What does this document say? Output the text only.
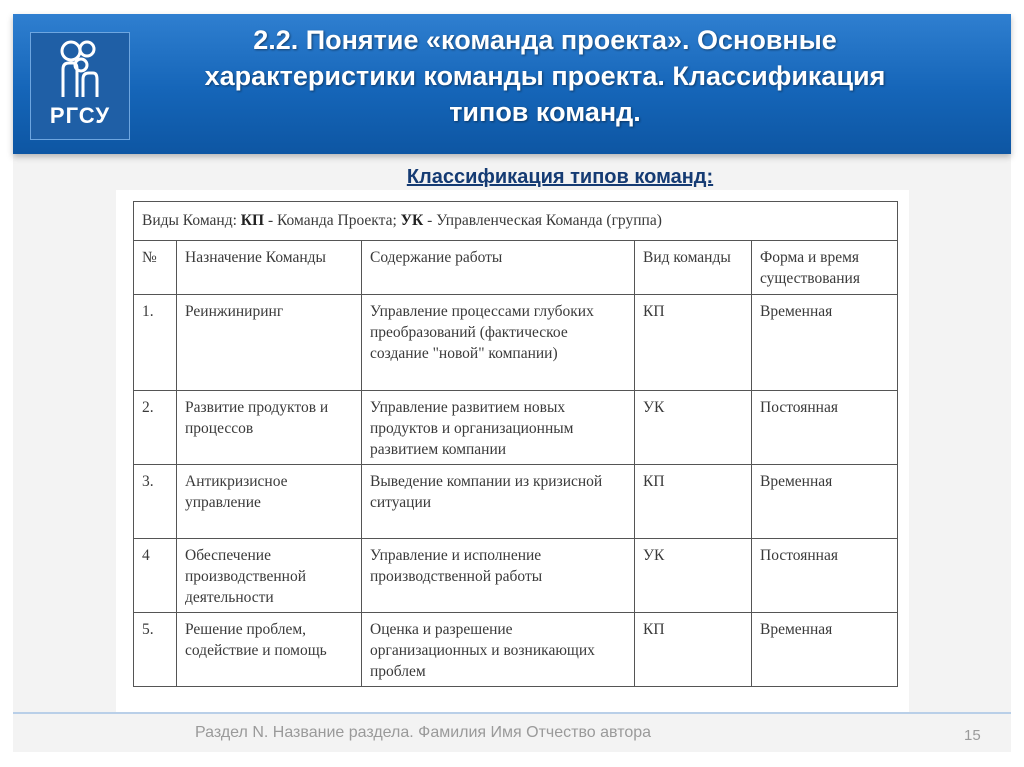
РГСУ
2.2. Понятие «команда проекта». Основные
характеристики команды проекта. Классификация
типов команд.
Классификация типов команд:
Виды Команд: КП - Команда Проекта; УК - Управленческая Команда (группа)				
№	Назначение Команды	Содержание работы	Вид команды	Форма и время существования
1.	Реинжиниринг	Управление процессами глубоких преобразований (фактическое создание "новой" компании)	КП	Временная
2.	Развитие продуктов и процессов	Управление развитием новых продуктов и организационным развитием компании	УК	Постоянная
3.	Антикризисное управление	Выведение компании из кризисной ситуации	КП	Временная
4	Обеспечение производственной деятельности	Управление и исполнение производственной работы	УК	Постоянная
5.	Решение проблем, содействие и помощь	Оценка и разрешение организационных и возникающих проблем	КП	Временная
Раздел N. Название раздела. Фамилия Имя Отчество автора	15
